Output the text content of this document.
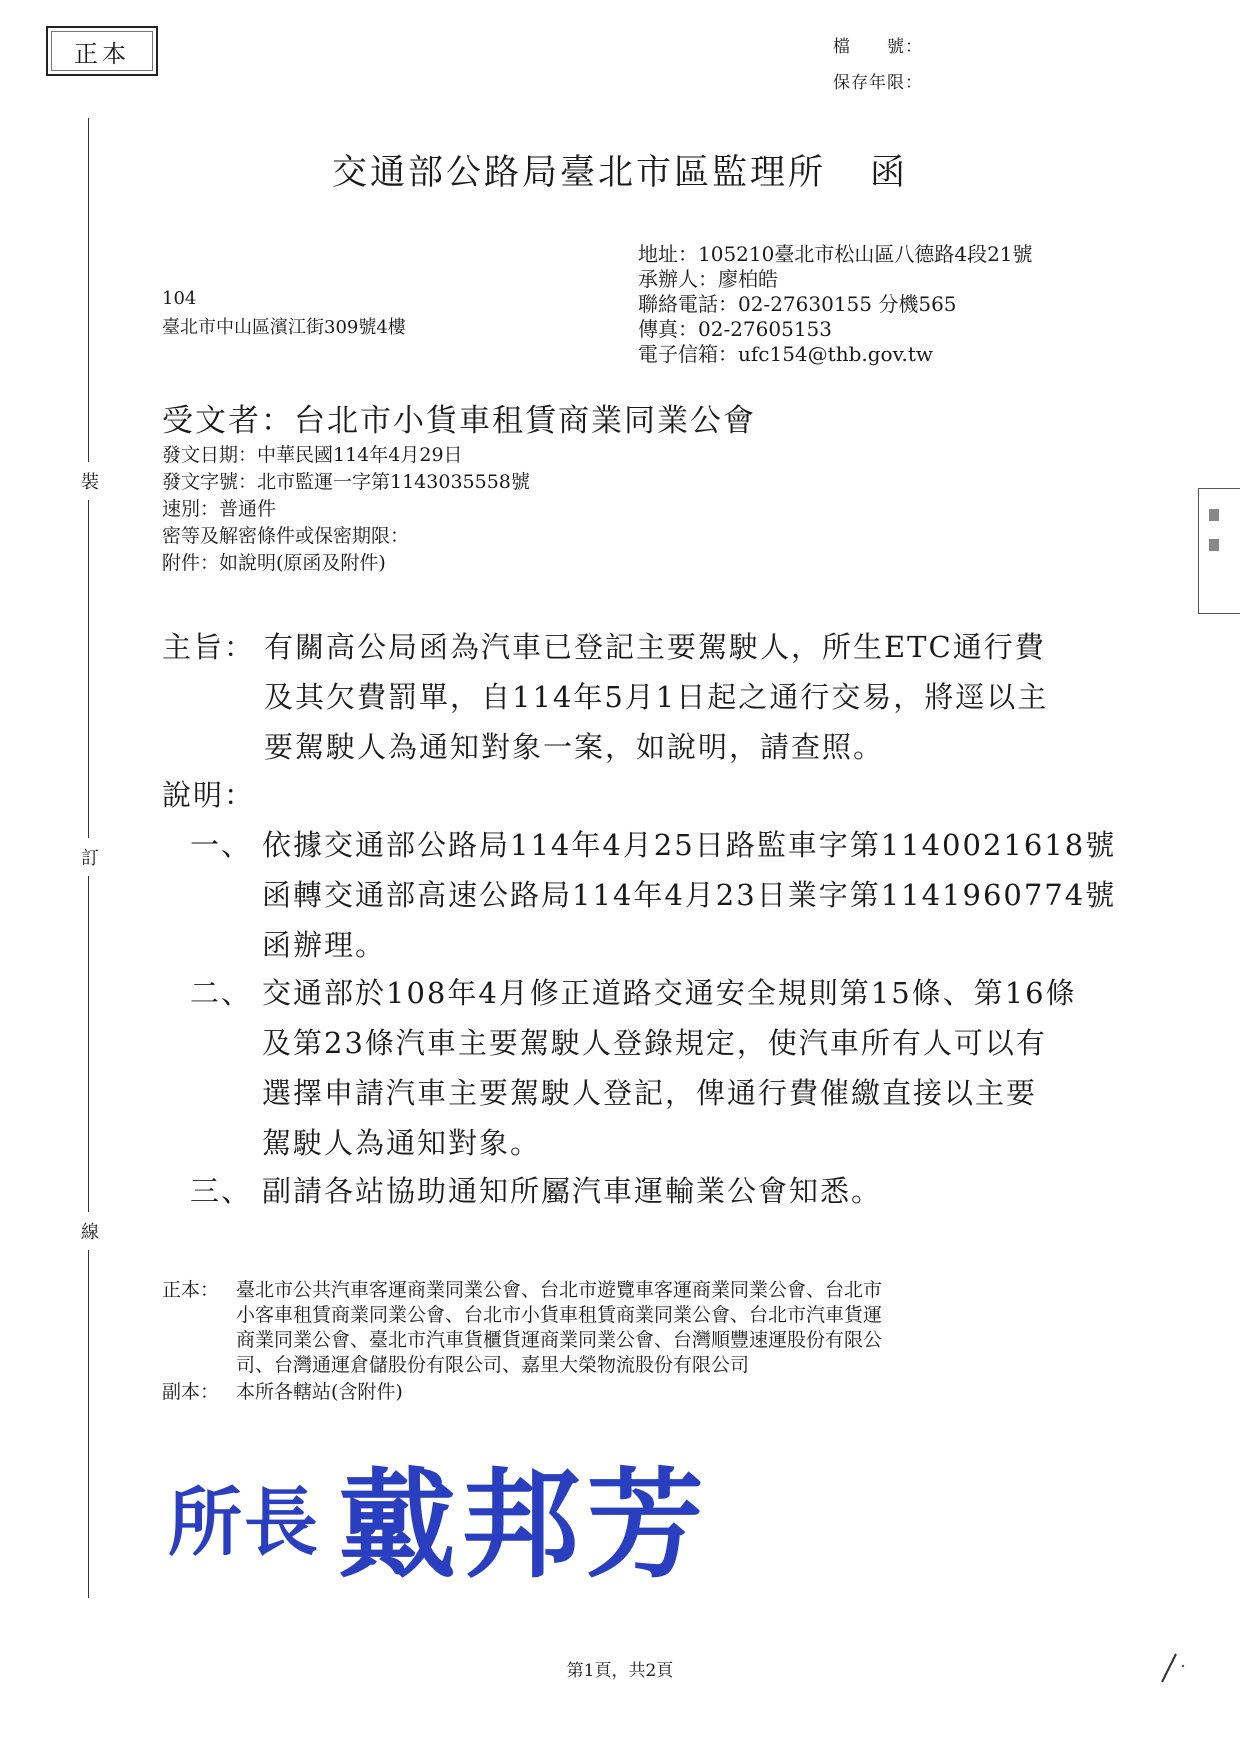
正本	檔　　號：
保存年限：
裝
訂
線
交通部公路局臺北市區監理所 函
104
臺北市中山區濱江街309號4樓
地址：105210臺北市松山區八德路4段21號
承辦人：廖柏皓
聯絡電話：02-27630155 分機565
傳真：02-27605153
電子信箱：ufc154@thb.gov.tw
受文者：台北市小貨車租賃商業同業公會
發文日期：中華民國114年4月29日
發文字號：北市監運一字第1143035558號
速別：普通件
密等及解密條件或保密期限：
附件：如說明(原函及附件)
主旨： 有關高公局函為汽車已登記主要駕駛人，所生ETC通行費
及其欠費罰單，自114年5月1日起之通行交易，將逕以主
要駕駛人為通知對象一案，如說明，請查照。
說明：
一、 依據交通部公路局114年4月25日路監車字第1140021618號
函轉交通部高速公路局114年4月23日業字第1141960774號
函辦理。
二、 交通部於108年4月修正道路交通安全規則第15條、第16條
及第23條汽車主要駕駛人登錄規定，使汽車所有人可以有
選擇申請汽車主要駕駛人登記，俾通行費催繳直接以主要
駕駛人為通知對象。
三、 副請各站協助通知所屬汽車運輸業公會知悉。
正本： 臺北市公共汽車客運商業同業公會、台北市遊覽車客運商業同業公會、台北市
小客車租賃商業同業公會、台北市小貨車租賃商業同業公會、台北市汽車貨運
商業同業公會、臺北市汽車貨櫃貨運商業同業公會、台灣順豐速運股份有限公
司、台灣通運倉儲股份有限公司、嘉里大榮物流股份有限公司
副本： 本所各轄站(含附件)
所長 戴邦芳
第1頁，共2頁
